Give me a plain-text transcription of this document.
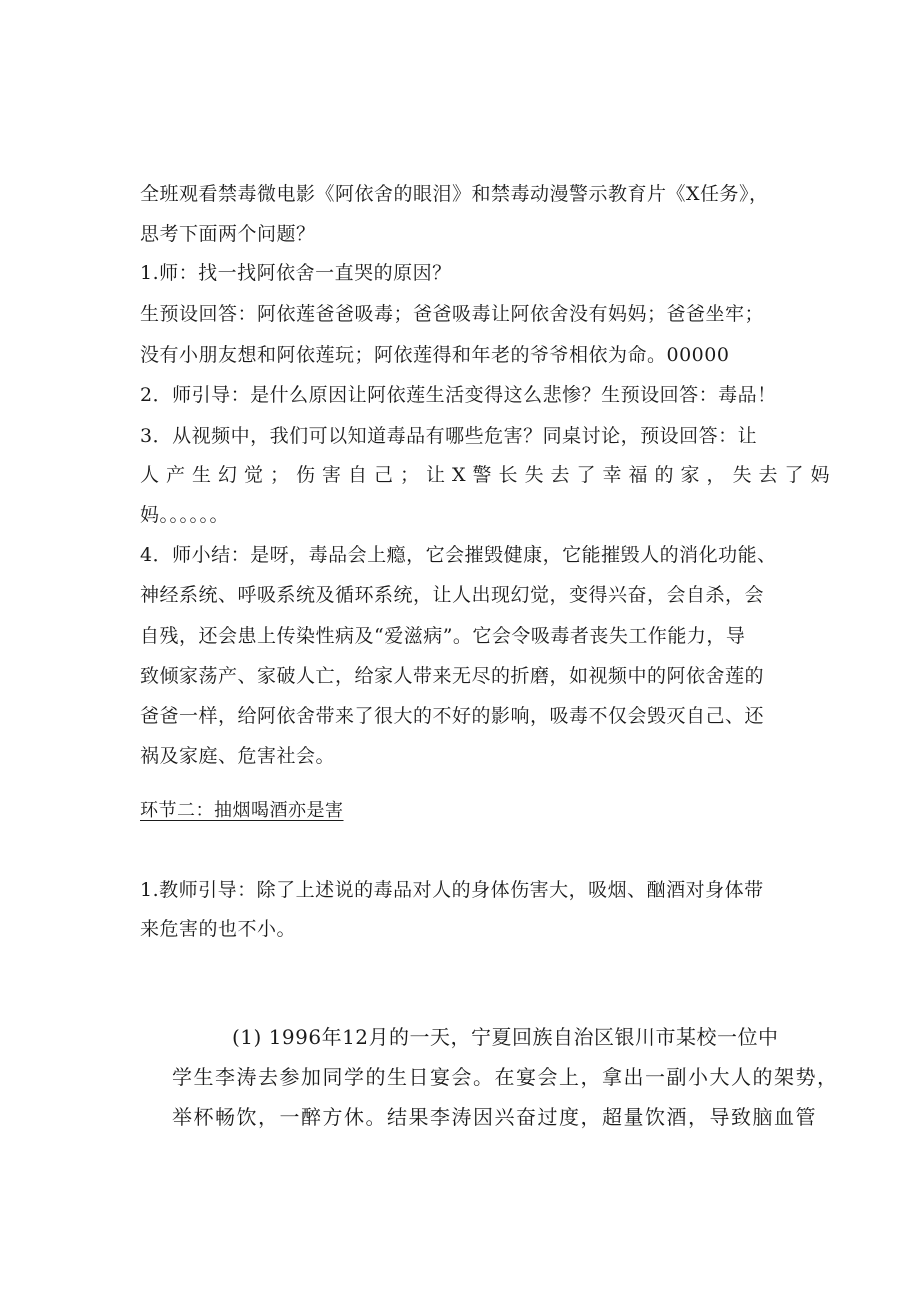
全班观看禁毒微电影《阿依舍的眼泪》和禁毒动漫警示教育片《X任务》，
思考下面两个问题？
1.师：找一找阿依舍一直哭的原因？
生预设回答：阿依莲爸爸吸毒；爸爸吸毒让阿依舍没有妈妈；爸爸坐牢；
没有小朋友想和阿依莲玩；阿依莲得和年老的爷爷相依为命。00000
2．师引导：是什么原因让阿依莲生活变得这么悲惨？生预设回答：毒品！
3．从视频中，我们可以知道毒品有哪些危害？同桌讨论，预设回答：让
人产生幻觉；伤害自己；让X警长失去了幸福的家，失去了妈
妈。。。。。。
4．师小结：是呀，毒品会上瘾，它会摧毁健康，它能摧毁人的消化功能、
神经系统、呼吸系统及循环系统，让人出现幻觉，变得兴奋，会自杀，会
自残，还会患上传染性病及“爱滋病”。它会令吸毒者丧失工作能力，导
致倾家荡产、家破人亡，给家人带来无尽的折磨，如视频中的阿依舍莲的
爸爸一样，给阿依舍带来了很大的不好的影响，吸毒不仅会毁灭自己、还
祸及家庭、危害社会。
环节二：抽烟喝酒亦是害
1.教师引导：除了上述说的毒品对人的身体伤害大，吸烟、酗酒对身体带
来危害的也不小。
(1) 1996年12月的一天，宁夏回族自治区银川市某校一位中
学生李涛去参加同学的生日宴会。在宴会上，拿出一副小大人的架势，
举杯畅饮，一醉方休。结果李涛因兴奋过度，超量饮酒，导致脑血管
